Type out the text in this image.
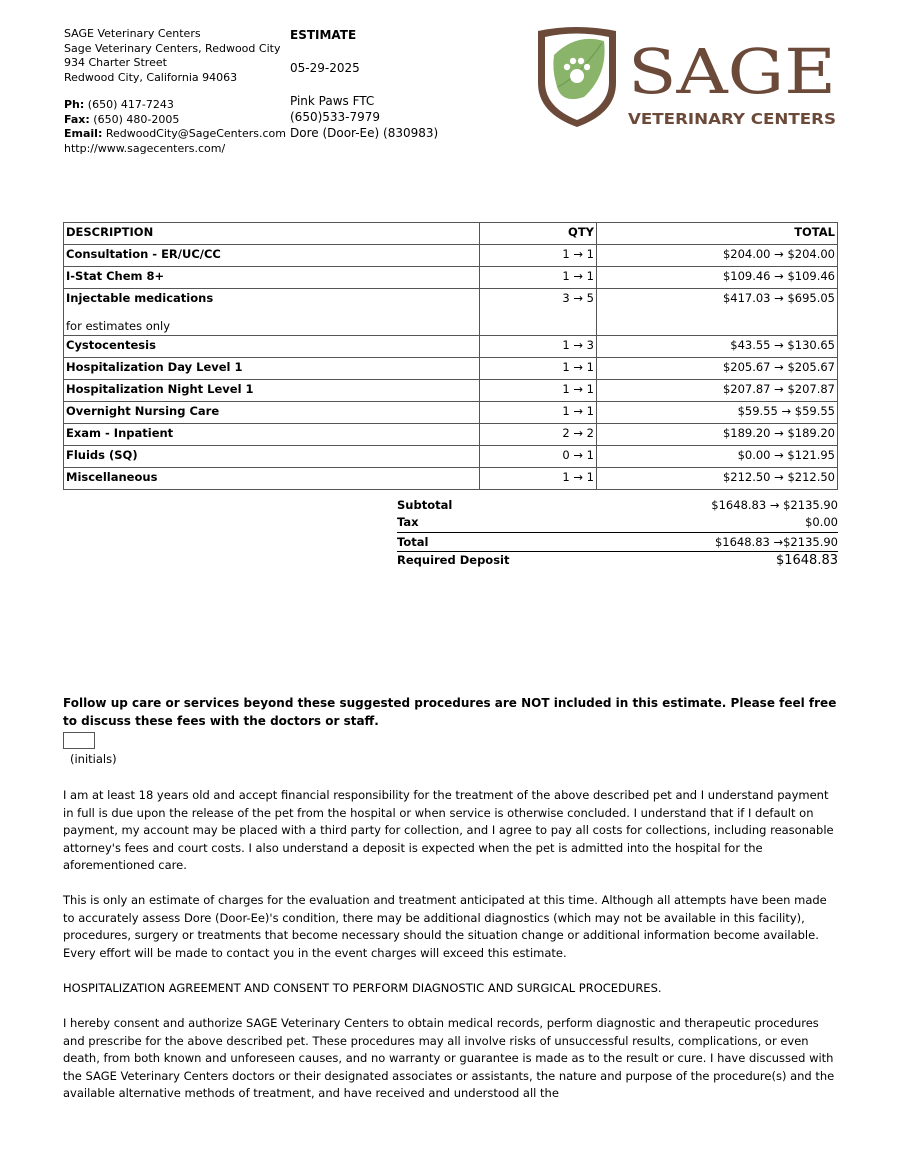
SAGE Veterinary Centers
Sage Veterinary Centers, Redwood City
934 Charter Street
Redwood City, California 94063
Ph: (650) 417-7243
Fax: (650) 480-2005
Email: RedwoodCity@SageCenters.com
http://www.sagecenters.com/
ESTIMATE
05-29-2025
Pink Paws FTC
(650)533-7979
Dore (Door-Ee) (830983)
SAGE
VETERINARY CENTERS
DESCRIPTION	QTY	TOTAL
Consultation - ER/UC/CC	1 → 1	$204.00 → $204.00
I-Stat Chem 8+	1 → 1	$109.46 → $109.46
Injectable medications
for estimates only	3 → 5	$417.03 → $695.05
Cystocentesis	1 → 3	$43.55 → $130.65
Hospitalization Day Level 1	1 → 1	$205.67 → $205.67
Hospitalization Night Level 1	1 → 1	$207.87 → $207.87
Overnight Nursing Care	1 → 1	$59.55 → $59.55
Exam - Inpatient	2 → 2	$189.20 → $189.20
Fluids (SQ)	0 → 1	$0.00 → $121.95
Miscellaneous	1 → 1	$212.50 → $212.50
Subtotal	$1648.83 → $2135.90
Tax	$0.00
Total	$1648.83 →$2135.90
Required Deposit	$1648.83
Follow up care or services beyond these suggested procedures are NOT included in this estimate. Please feel free to discuss these fees with the doctors or staff.
(initials)
I am at least 18 years old and accept financial responsibility for the treatment of the above described pet and I understand payment in full is due upon the release of the pet from the hospital or when service is otherwise concluded. I understand that if I default on payment, my account may be placed with a third party for collection, and I agree to pay all costs for collections, including reasonable attorney's fees and court costs. I also understand a deposit is expected when the pet is admitted into the hospital for the aforementioned care.
This is only an estimate of charges for the evaluation and treatment anticipated at this time. Although all attempts have been made to accurately assess Dore (Door-Ee)'s condition, there may be additional diagnostics (which may not be available in this facility), procedures, surgery or treatments that become necessary should the situation change or additional information become available. Every effort will be made to contact you in the event charges will exceed this estimate.
HOSPITALIZATION AGREEMENT AND CONSENT TO PERFORM DIAGNOSTIC AND SURGICAL PROCEDURES.
I hereby consent and authorize SAGE Veterinary Centers to obtain medical records, perform diagnostic and therapeutic procedures and prescribe for the above described pet. These procedures may all involve risks of unsuccessful results, complications, or even death, from both known and unforeseen causes, and no warranty or guarantee is made as to the result or cure. I have discussed with the SAGE Veterinary Centers doctors or their designated associates or assistants, the nature and purpose of the procedure(s) and the available alternative methods of treatment, and have received and understood all the
